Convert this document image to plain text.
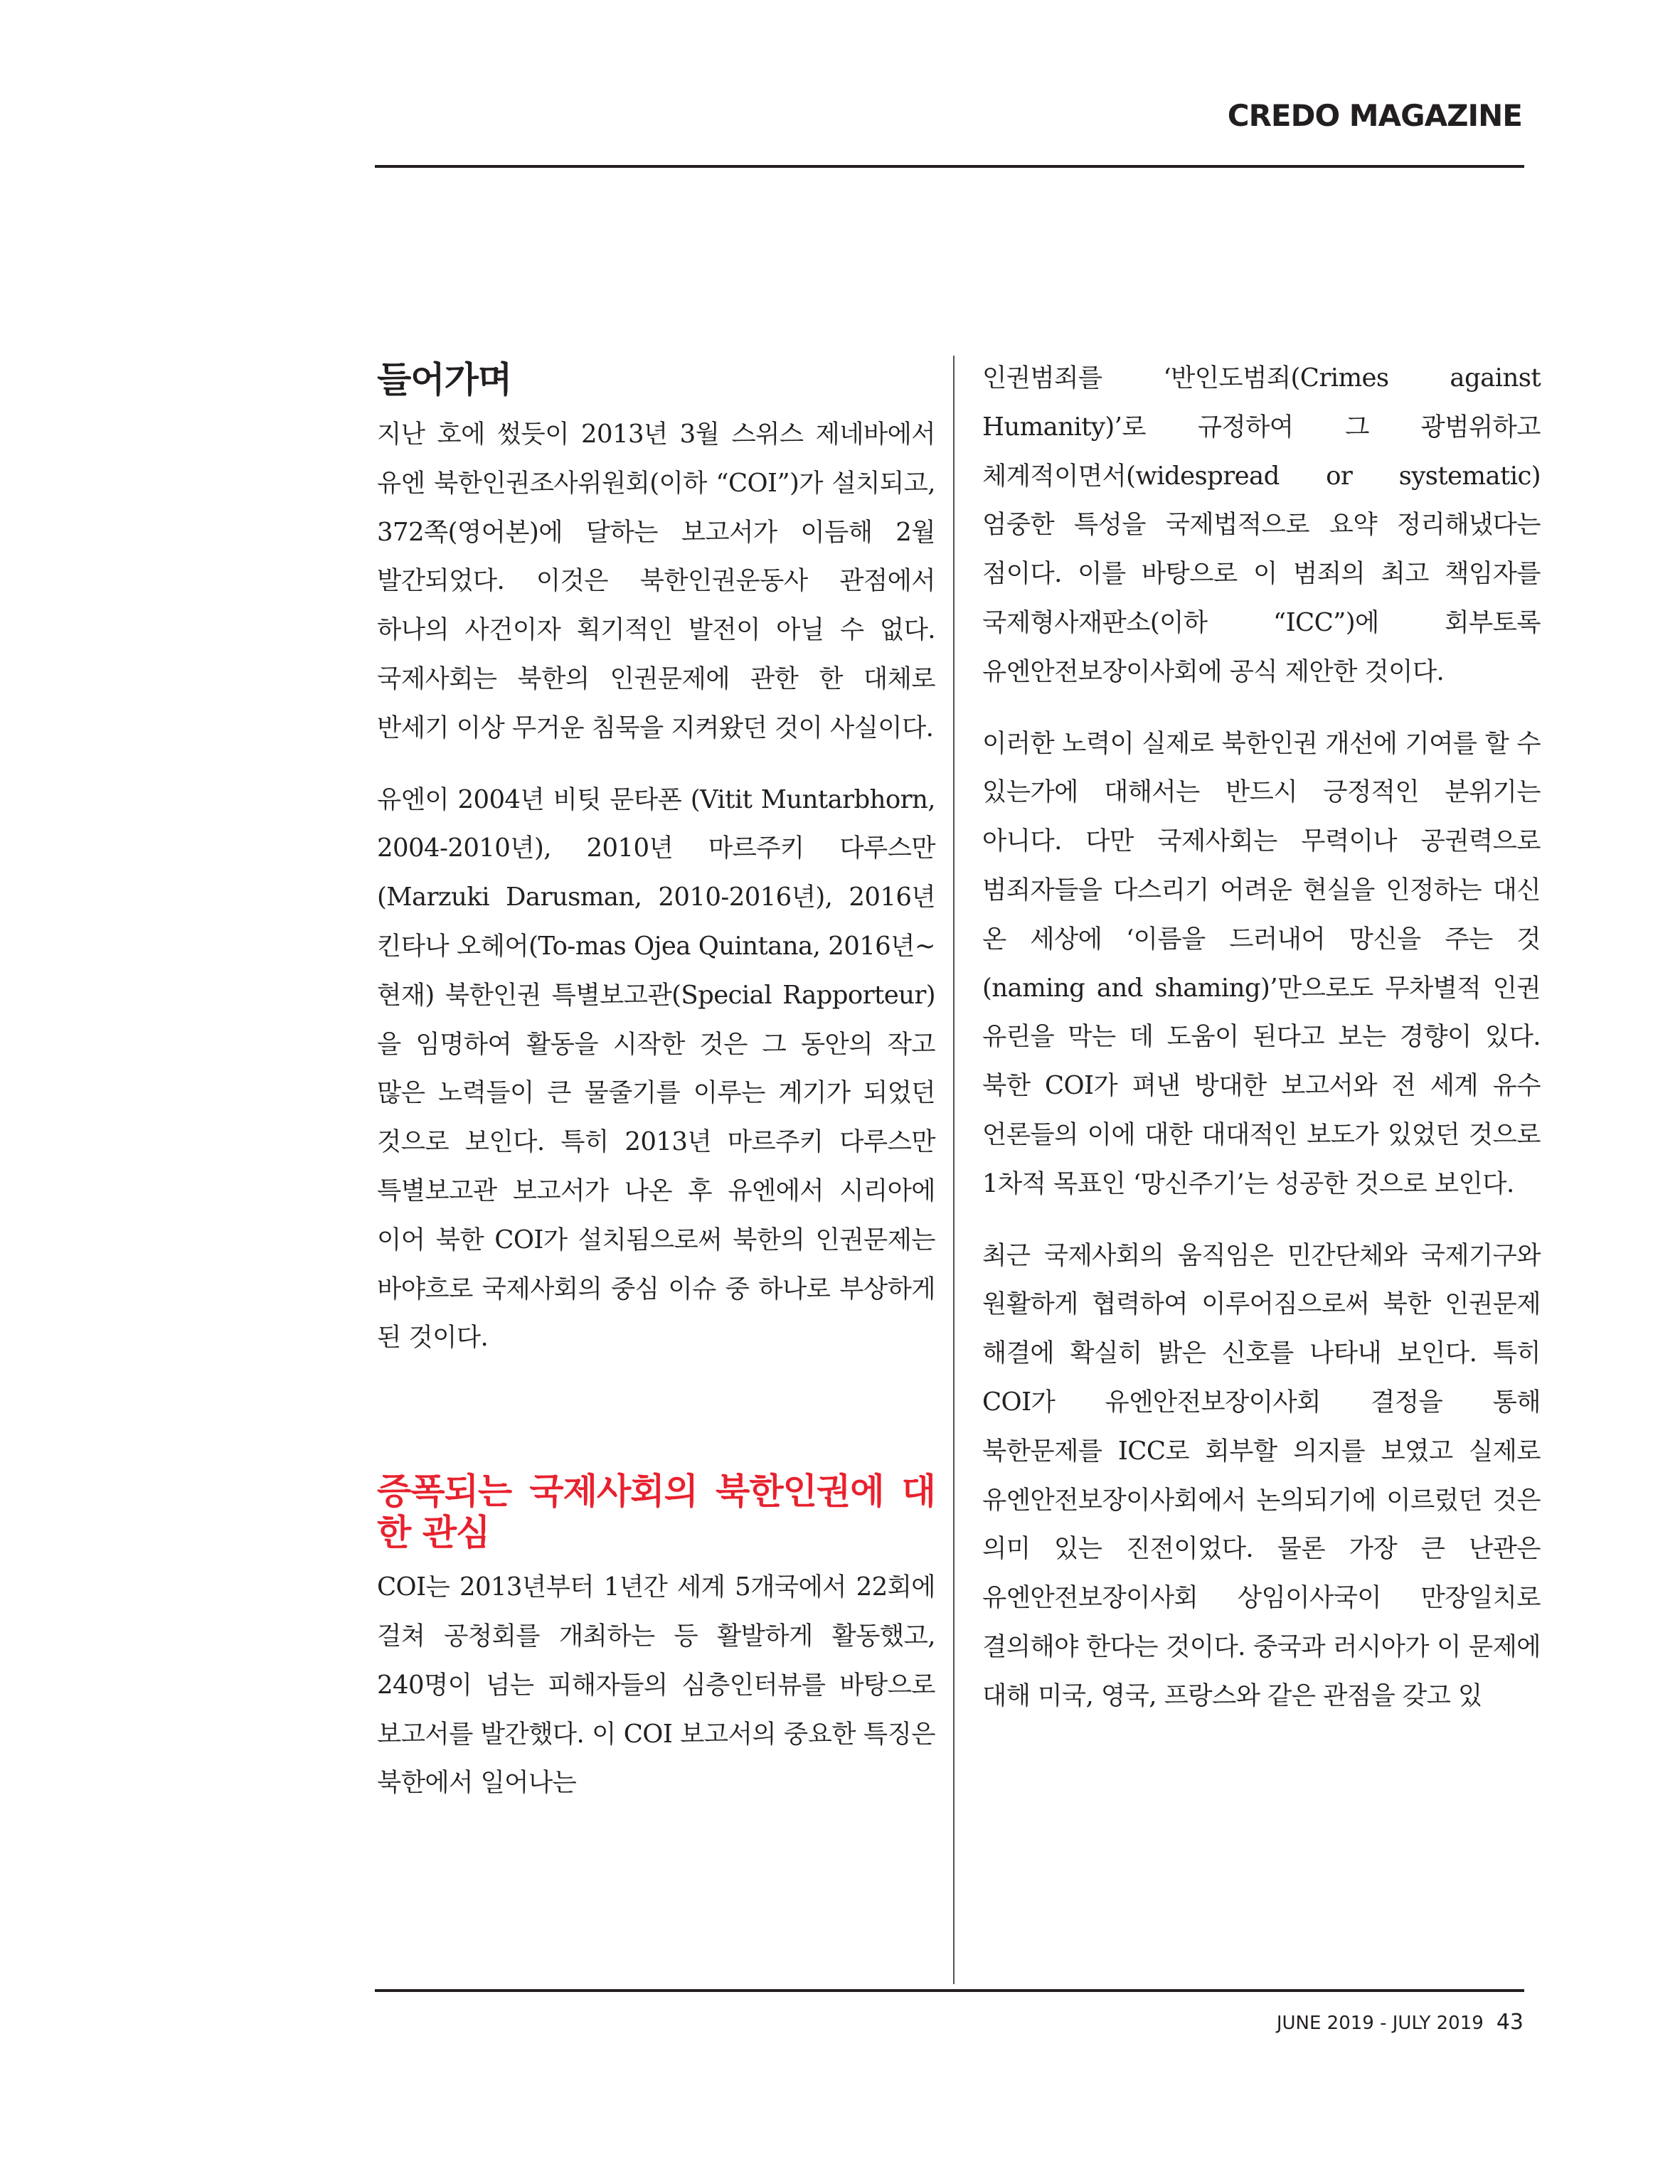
CREDO MAGAZINE
들어가며

지난 호에 썼듯이 2013년 3월 스위스 제네바에서 유엔 북한인권조사위원회(이하 “COI”)가 설치되고, 372쪽(영어본)에 달하는 보고서가 이듬해 2월 발간되었다. 이것은 북한인권운동사 관점에서 하나의 사건이자 획기적인 발전이 아닐 수 없다. 국제사회는 북한의 인권문제에 관한 한 대체로 반세기 이상 무거운 침묵을 지켜왔던 것이 사실이다.

유엔이 2004년 비팃 문타폰 (Vitit Muntarbhorn, 2004-2010년), 2010년 마르주키 다루스만(Marzuki Darusman, 2010-2016년), 2016년 킨타나 오헤어(To-mas Ojea Quintana, 2016년~현재) 북한인권 특별보고관(Special Rapporteur)을 임명하여 활동을 시작한 것은 그 동안의 작고 많은 노력들이 큰 물줄기를 이루는 계기가 되었던 것으로 보인다. 특히 2013년 마르주키 다루스만 특별보고관 보고서가 나온 후 유엔에서 시리아에 이어 북한 COI가 설치됨으로써 북한의 인권문제는 바야흐로 국제사회의 중심 이슈 중 하나로 부상하게 된 것이다.

증폭되는 국제사회의 북한인권에 대한 관심

COI는 2013년부터 1년간 세계 5개국에서 22회에 걸쳐 공청회를 개최하는 등 활발하게 활동했고, 240명이 넘는 피해자들의 심층인터뷰를 바탕으로 보고서를 발간했다. 이 COI 보고서의 중요한 특징은 북한에서 일어나는

인권범죄를 ‘반인도범죄(Crimes against Humanity)’로 규정하여 그 광범위하고 체계적이면서(widespread or systematic) 엄중한 특성을 국제법적으로 요약 정리해냈다는 점이다. 이를 바탕으로 이 범죄의 최고 책임자를 국제형사재판소(이하 “ICC”)에 회부토록 유엔안전보장이사회에 공식 제안한 것이다.

이러한 노력이 실제로 북한인권 개선에 기여를 할 수 있는가에 대해서는 반드시 긍정적인 분위기는 아니다. 다만 국제사회는 무력이나 공권력으로 범죄자들을 다스리기 어려운 현실을 인정하는 대신 온 세상에 ‘이름을 드러내어 망신을 주는 것(naming and shaming)’만으로도 무차별적 인권 유린을 막는 데 도움이 된다고 보는 경향이 있다. 북한 COI가 펴낸 방대한 보고서와 전 세계 유수 언론들의 이에 대한 대대적인 보도가 있었던 것으로 1차적 목표인 ‘망신주기’는 성공한 것으로 보인다.

최근 국제사회의 움직임은 민간단체와 국제기구와 원활하게 협력하여 이루어짐으로써 북한 인권문제 해결에 확실히 밝은 신호를 나타내 보인다. 특히 COI가 유엔안전보장이사회 결정을 통해 북한문제를 ICC로 회부할 의지를 보였고 실제로 유엔안전보장이사회에서 논의되기에 이르렀던 것은 의미 있는 진전이었다. 물론 가장 큰 난관은 유엔안전보장이사회 상임이사국이 만장일치로 결의해야 한다는 것이다. 중국과 러시아가 이 문제에 대해 미국, 영국, 프랑스와 같은 관점을 갖고 있

JUNE 2019 - JULY 2019 43
